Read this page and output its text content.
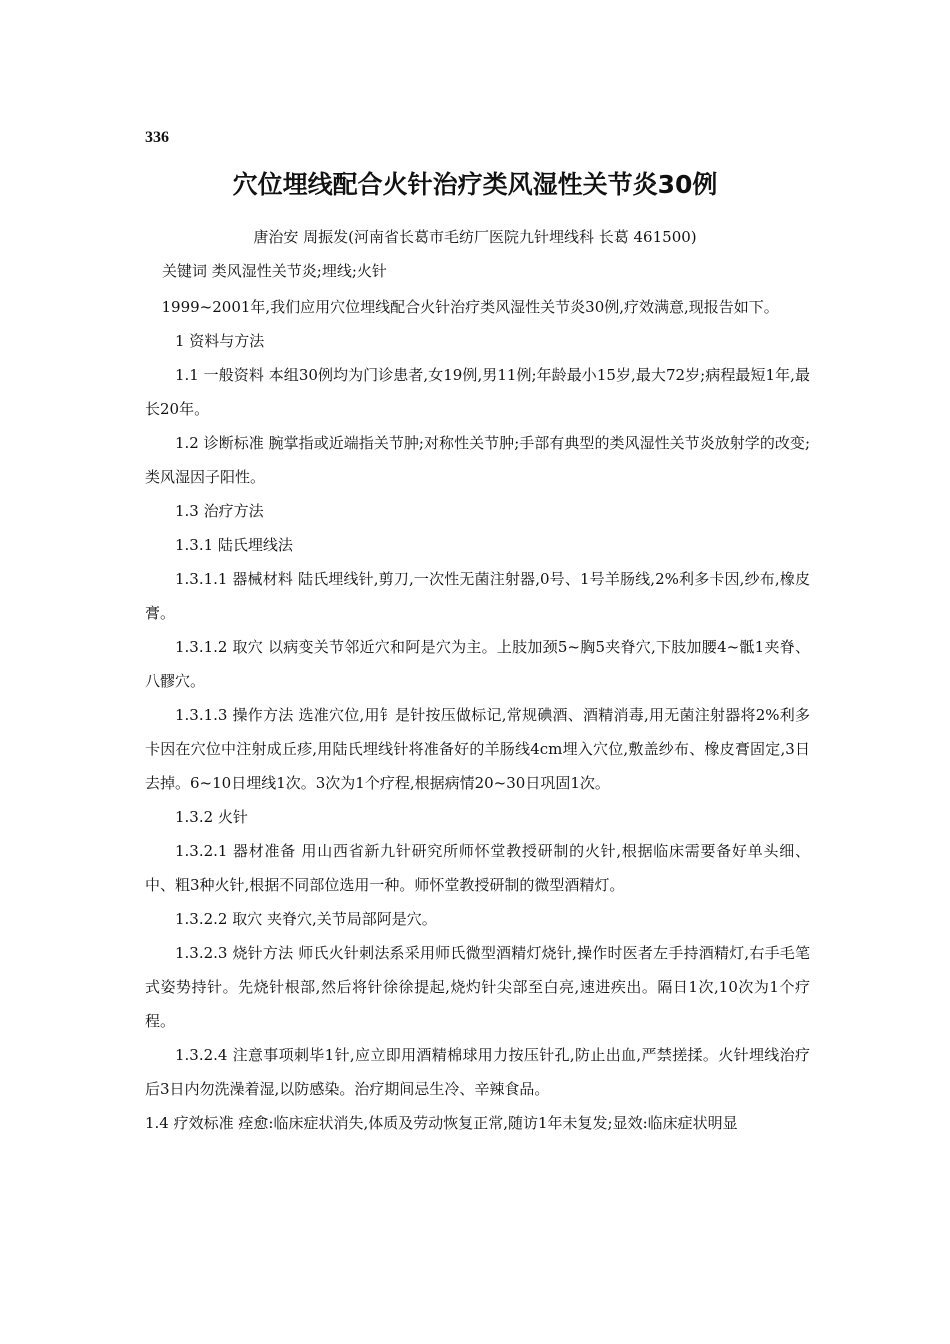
336
穴位埋线配合火针治疗类风湿性关节炎30例
唐治安 周振发(河南省长葛市毛纺厂医院九针埋线科 长葛 461500)
关键词 类风湿性关节炎;埋线;火针

1999~2001年,我们应用穴位埋线配合火针治疗类风湿性关节炎30例,疗效满意,现报告如下。

1 资料与方法

1.1 一般资料 本组30例均为门诊患者,女19例,男11例;年龄最小15岁,最大72岁;病程最短1年,最长20年。

1.2 诊断标准 腕掌指或近端指关节肿;对称性关节肿;手部有典型的类风湿性关节炎放射学的改变;类风湿因子阳性。

1.3 治疗方法

1.3.1 陆氏埋线法

1.3.1.1 器械材料 陆氏埋线针,剪刀,一次性无菌注射器,0号、1号羊肠线,2%利多卡因,纱布,橡皮膏。

1.3.1.2 取穴 以病变关节邻近穴和阿是穴为主。上肢加颈5~胸5夹脊穴,下肢加腰4~骶1夹脊、八髎穴。

1.3.1.3 操作方法 选准穴位,用钅是针按压做标记,常规碘酒、酒精消毒,用无菌注射器将2%利多卡因在穴位中注射成丘疹,用陆氏埋线针将准备好的羊肠线4cm埋入穴位,敷盖纱布、橡皮膏固定,3日去掉。6~10日埋线1次。3次为1个疗程,根据病情20~30日巩固1次。

1.3.2 火针

1.3.2.1 器材准备 用山西省新九针研究所师怀堂教授研制的火针,根据临床需要备好单头细、中、粗3种火针,根据不同部位选用一种。师怀堂教授研制的微型酒精灯。

1.3.2.2 取穴 夹脊穴,关节局部阿是穴。

1.3.2.3 烧针方法 师氏火针刺法系采用师氏微型酒精灯烧针,操作时医者左手持酒精灯,右手毛笔式姿势持针。先烧针根部,然后将针徐徐提起,烧灼针尖部至白亮,速进疾出。隔日1次,10次为1个疗程。

1.3.2.4 注意事项刺毕1针,应立即用酒精棉球用力按压针孔,防止出血,严禁搓揉。火针埋线治疗后3日内勿洗澡着湿,以防感染。治疗期间忌生冷、辛辣食品。

1.4 疗效标准 痊愈:临床症状消失,体质及劳动恢复正常,随访1年未复发;显效:临床症状明显
